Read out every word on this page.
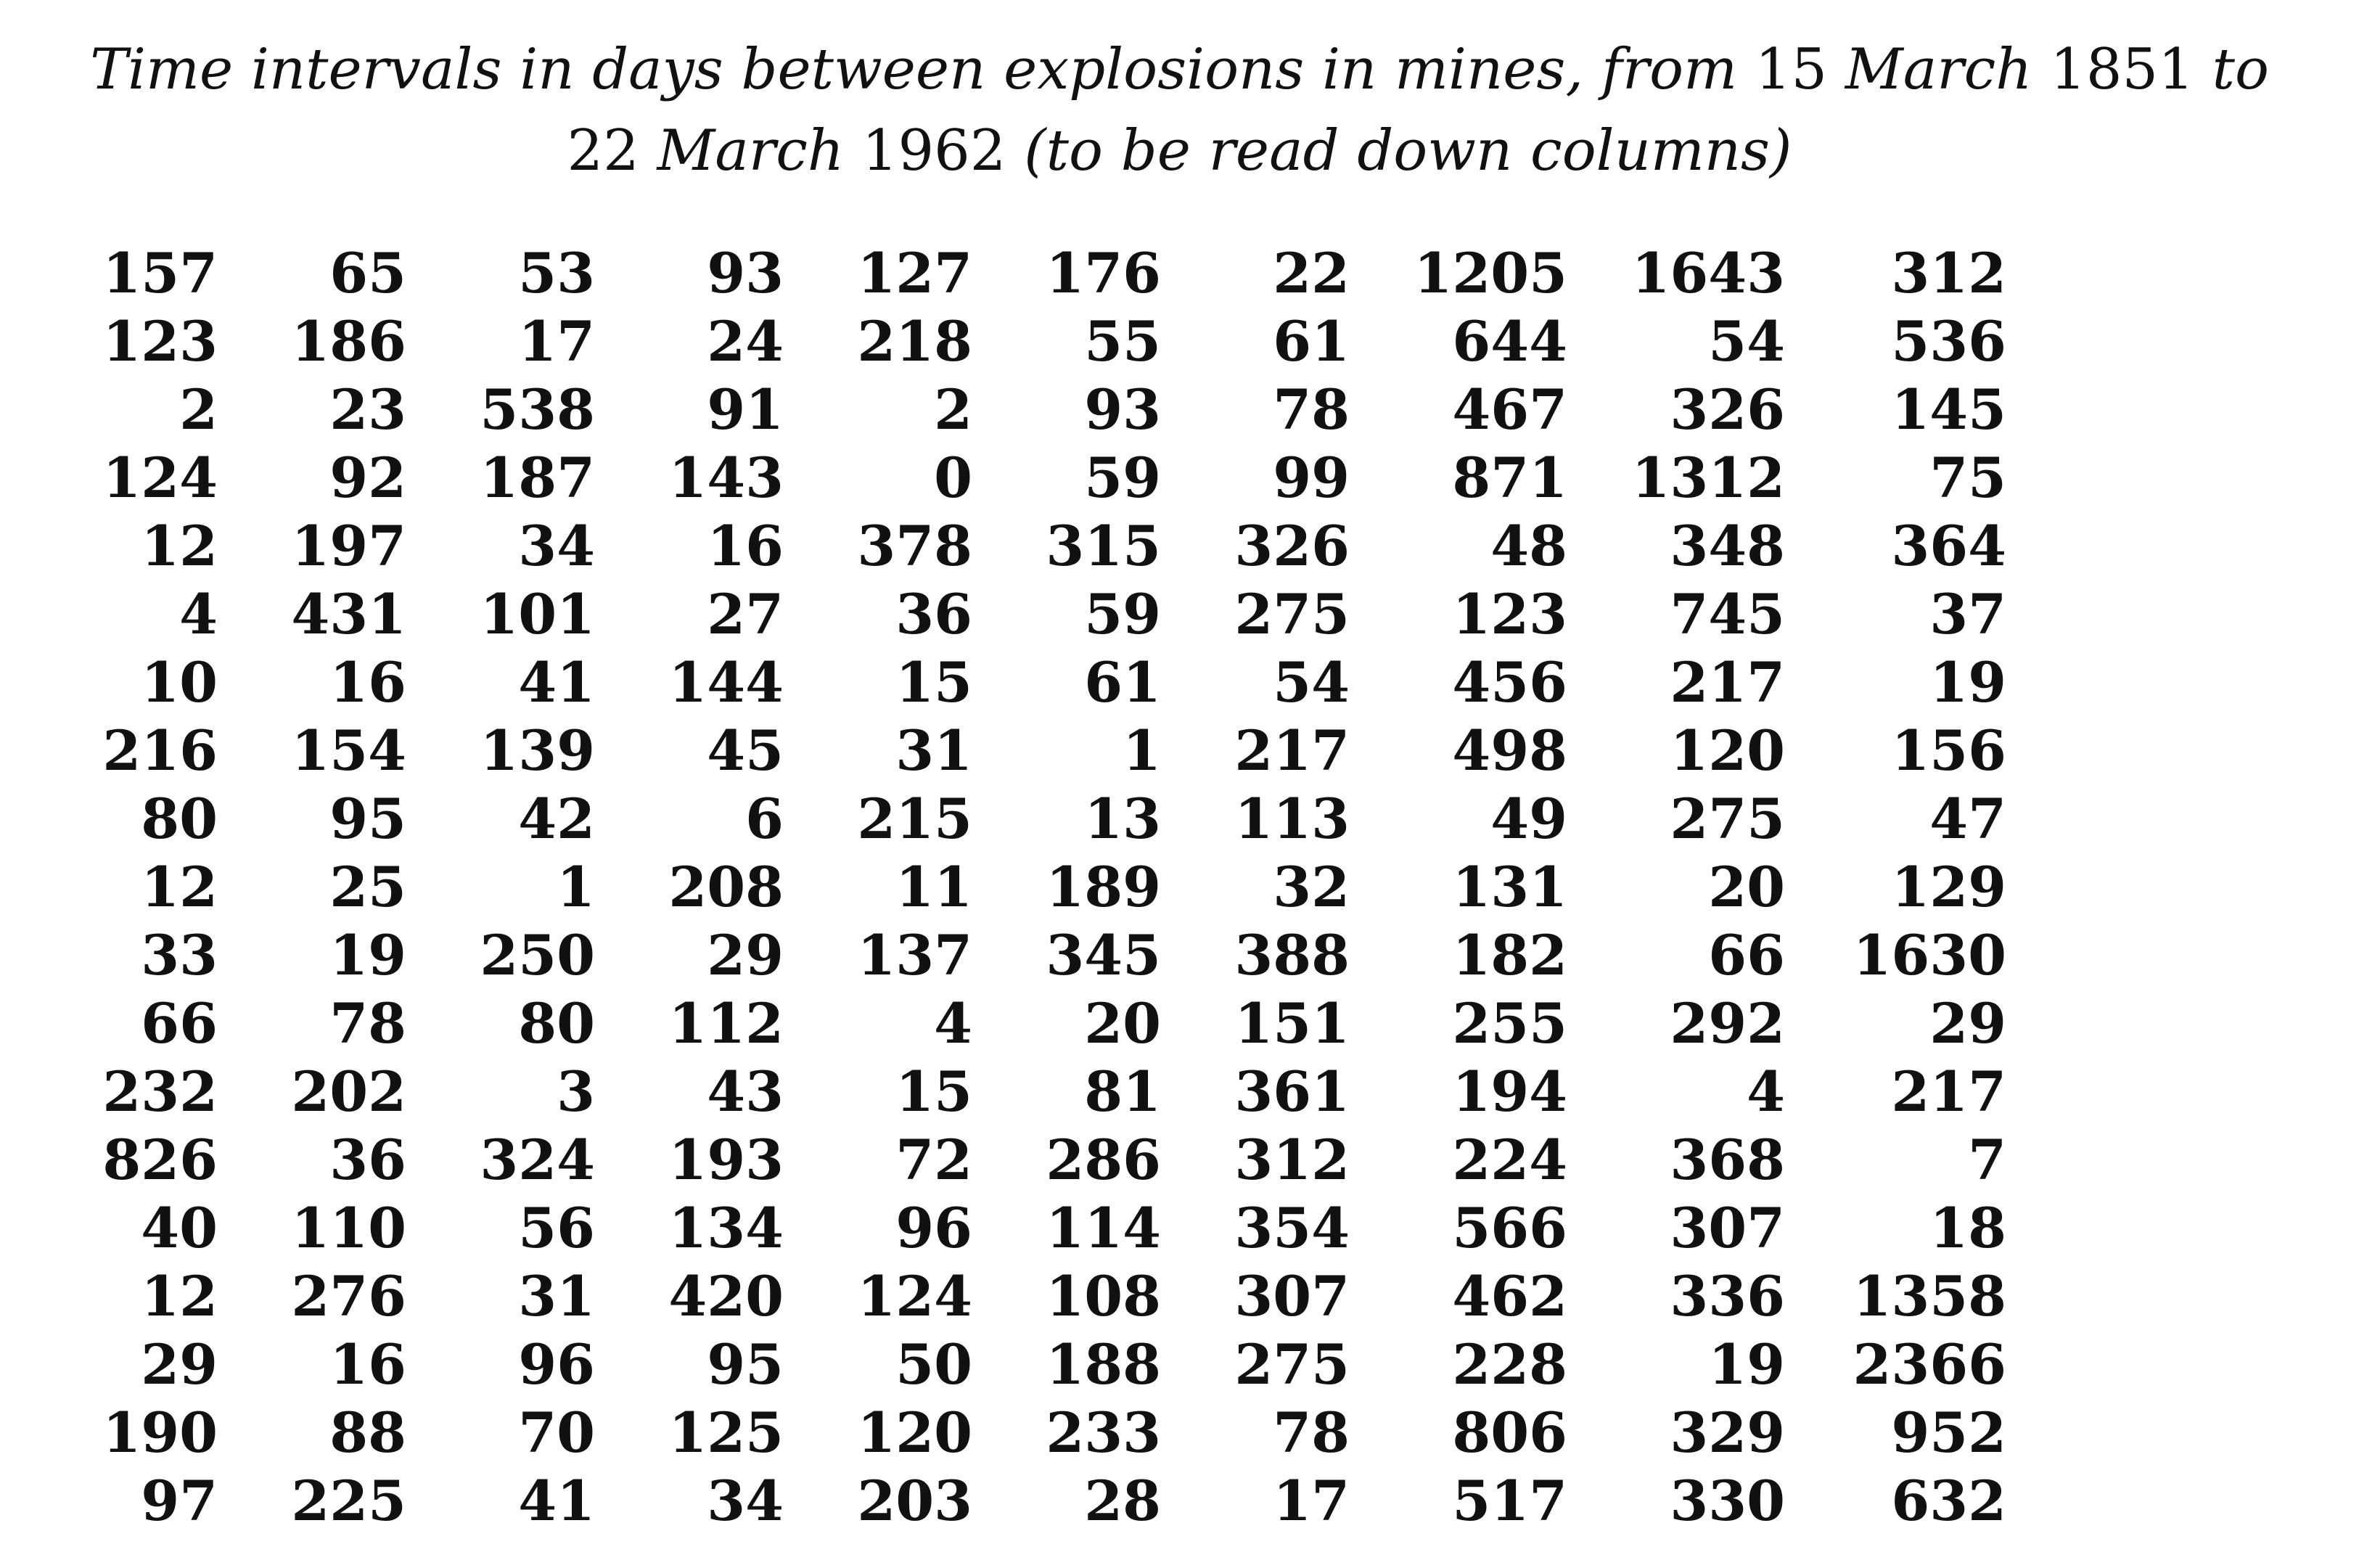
Time intervals in days between explosions in mines, from 15 March 1851 to
22 March 1962 (to be read down columns)
157
123
2
124
12
4
10
216
80
12
33
66
232
826
40
12
29
190
97
65
186
23
92
197
431
16
154
95
25
19
78
202
36
110
276
16
88
225
53
17
538
187
34
101
41
139
42
1
250
80
3
324
56
31
96
70
41
93
24
91
143
16
27
144
45
6
208
29
112
43
193
134
420
95
125
34
127
218
2
0
378
36
15
31
215
11
137
4
15
72
96
124
50
120
203
176
55
93
59
315
59
61
1
13
189
345
20
81
286
114
108
188
233
28
22
61
78
99
326
275
54
217
113
32
388
151
361
312
354
307
275
78
17
1205
644
467
871
48
123
456
498
49
131
182
255
194
224
566
462
228
806
517
1643
54
326
1312
348
745
217
120
275
20
66
292
4
368
307
336
19
329
330
312
536
145
75
364
37
19
156
47
129
1630
29
217
7
18
1358
2366
952
632
